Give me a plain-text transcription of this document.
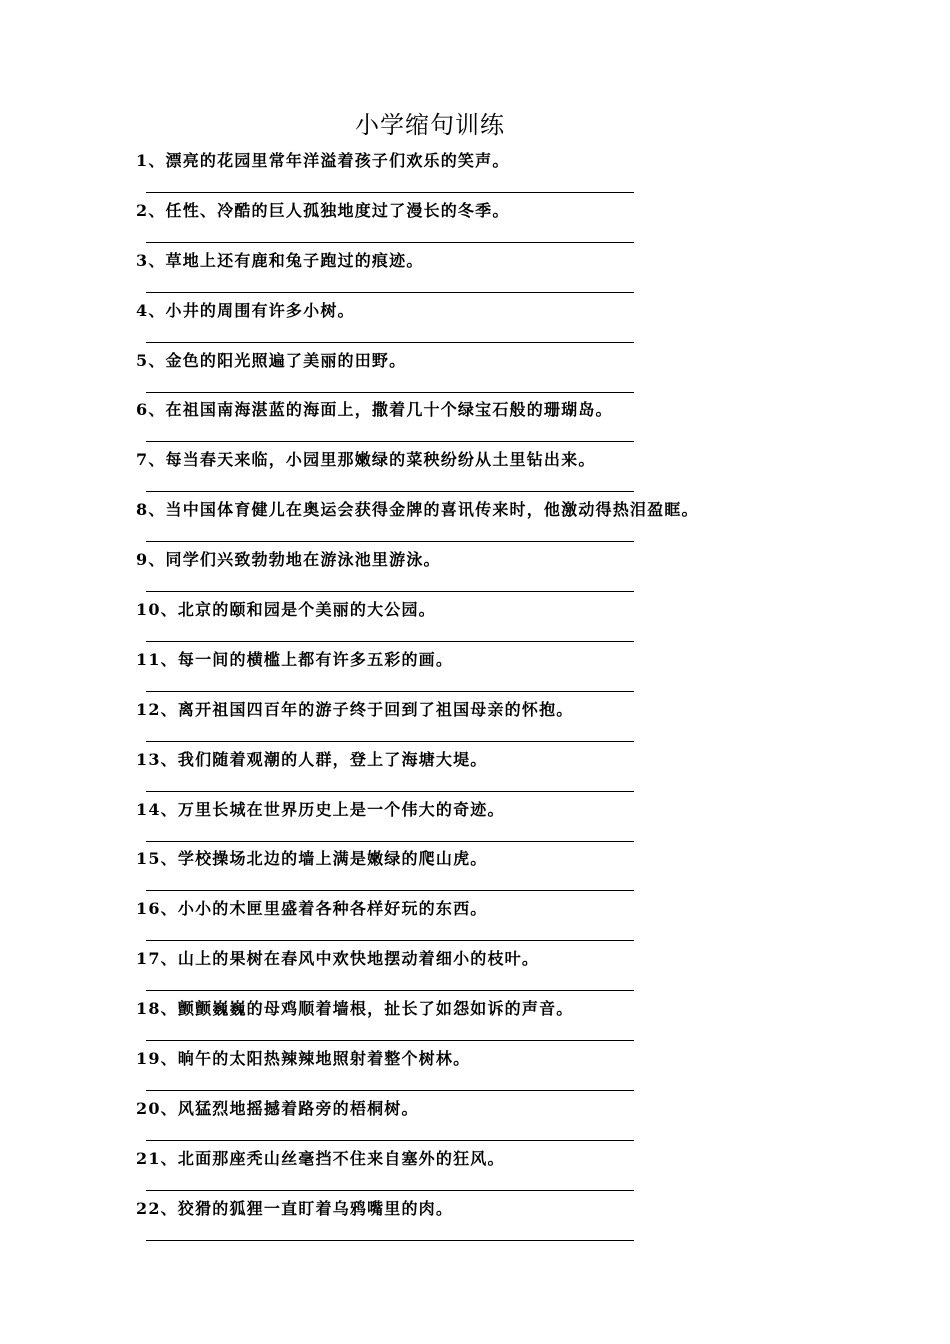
小学缩句训练
1、漂亮的花园里常年洋溢着孩子们欢乐的笑声。
2、任性、冷酷的巨人孤独地度过了漫长的冬季。
3、草地上还有鹿和兔子跑过的痕迹。
4、小井的周围有许多小树。
5、金色的阳光照遍了美丽的田野。
6、在祖国南海湛蓝的海面上，撒着几十个绿宝石般的珊瑚岛。
7、每当春天来临，小园里那嫩绿的菜秧纷纷从土里钻出来。
8、当中国体育健儿在奥运会获得金牌的喜讯传来时，他激动得热泪盈眶。
9、同学们兴致勃勃地在游泳池里游泳。
10、北京的颐和园是个美丽的大公园。
11、每一间的横槛上都有许多五彩的画。
12、离开祖国四百年的游子终于回到了祖国母亲的怀抱。
13、我们随着观潮的人群，登上了海塘大堤。
14、万里长城在世界历史上是一个伟大的奇迹。
15、学校操场北边的墙上满是嫩绿的爬山虎。
16、小小的木匣里盛着各种各样好玩的东西。
17、山上的果树在春风中欢快地摆动着细小的枝叶。
18、颤颤巍巍的母鸡顺着墙根，扯长了如怨如诉的声音。
19、晌午的太阳热辣辣地照射着整个树林。
20、风猛烈地摇撼着路旁的梧桐树。
21、北面那座秃山丝毫挡不住来自塞外的狂风。
22、狡猾的狐狸一直盯着乌鸦嘴里的肉。
